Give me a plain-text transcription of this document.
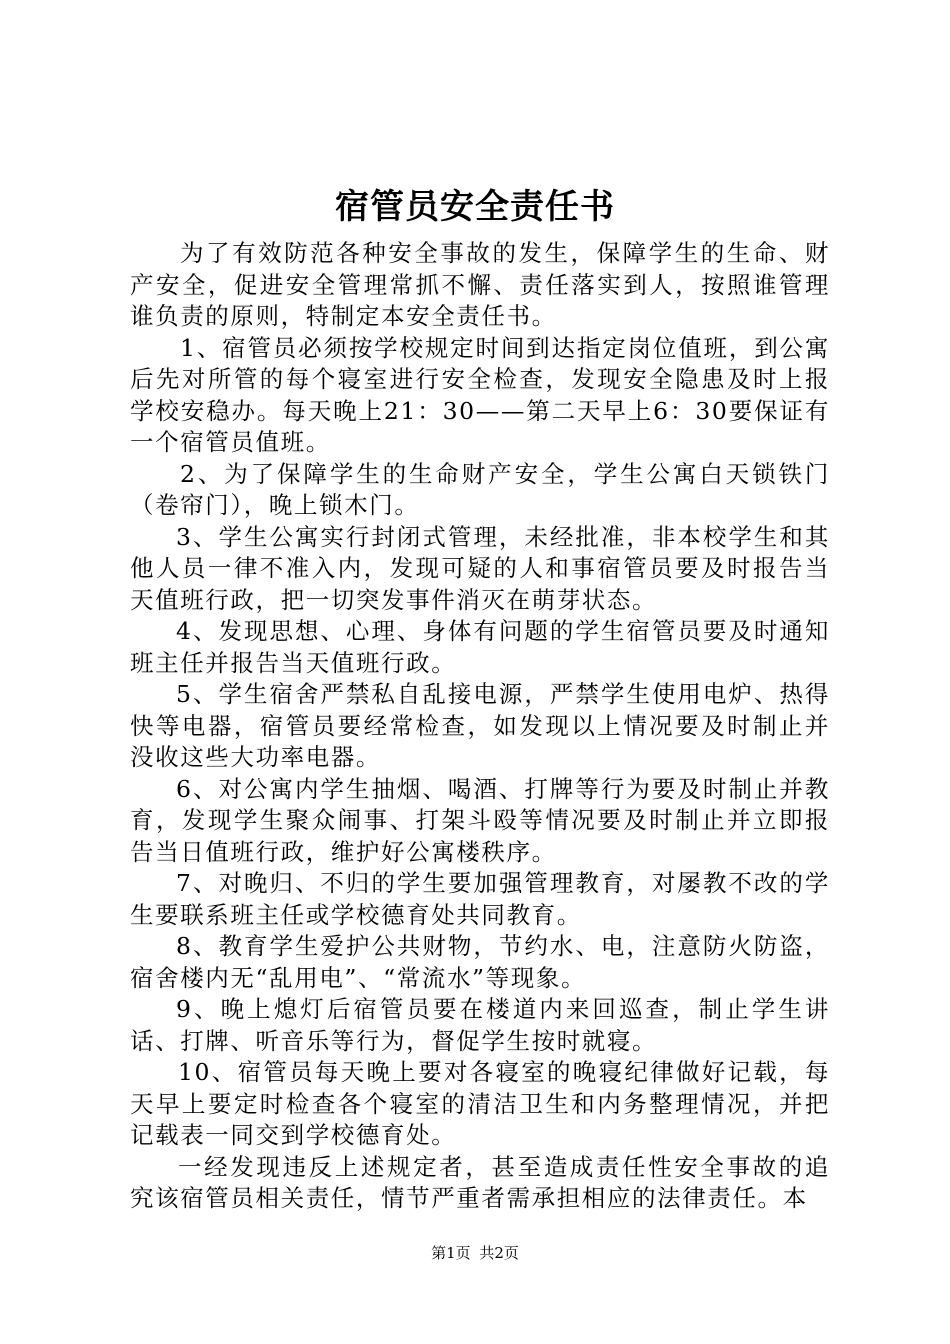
宿管员安全责任书

为了有效防范各种安全事故的发生，保障学生的生命、财产安全，促进安全管理常抓不懈、责任落实到人，按照谁管理谁负责的原则，特制定本安全责任书。

1、宿管员必须按学校规定时间到达指定岗位值班，到公寓后先对所管的每个寝室进行安全检查，发现安全隐患及时上报学校安稳办。每天晚上21：30——第二天早上6：30要保证有一个宿管员值班。

2、为了保障学生的生命财产安全，学生公寓白天锁铁门（卷帘门），晚上锁木门。

3、学生公寓实行封闭式管理，未经批准，非本校学生和其他人员一律不准入内，发现可疑的人和事宿管员要及时报告当天值班行政，把一切突发事件消灭在萌芽状态。

4、发现思想、心理、身体有问题的学生宿管员要及时通知班主任并报告当天值班行政。

5、学生宿舍严禁私自乱接电源，严禁学生使用电炉、热得快等电器，宿管员要经常检查，如发现以上情况要及时制止并没收这些大功率电器。

6、对公寓内学生抽烟、喝酒、打牌等行为要及时制止并教育，发现学生聚众闹事、打架斗殴等情况要及时制止并立即报告当日值班行政，维护好公寓楼秩序。

7、对晚归、不归的学生要加强管理教育，对屡教不改的学生要联系班主任或学校德育处共同教育。

8、教育学生爱护公共财物，节约水、电，注意防火防盗，宿舍楼内无“乱用电”、“常流水”等现象。

9、晚上熄灯后宿管员要在楼道内来回巡查，制止学生讲话、打牌、听音乐等行为，督促学生按时就寝。

10、宿管员每天晚上要对各寝室的晚寝纪律做好记载，每天早上要定时检查各个寝室的清洁卫生和内务整理情况，并把记载表一同交到学校德育处。

一经发现违反上述规定者，甚至造成责任性安全事故的追究该宿管员相关责任，情节严重者需承担相应的法律责任。本

第1页 共2页
